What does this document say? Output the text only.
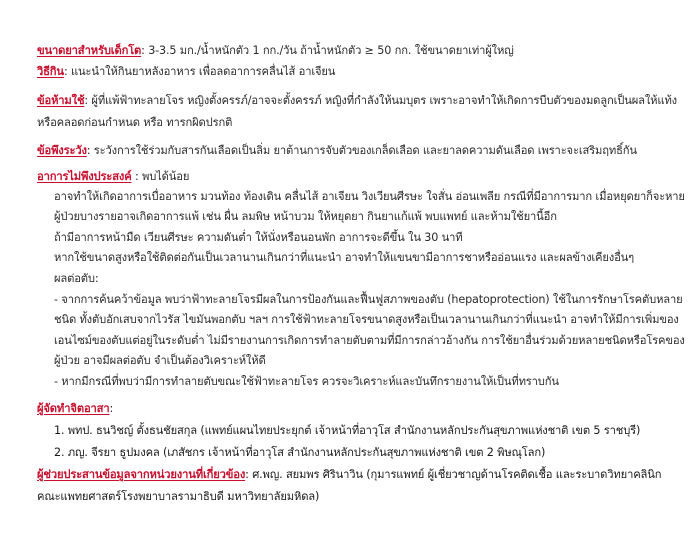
ขนาดยาสำหรับเด็กโต: 3-3.5 มก./น้ำหนักตัว 1 กก./วัน ถ้าน้ำหนักตัว ≥ 50 กก. ใช้ขนาดยาเท่าผู้ใหญ่
วิธีกิน: แนะนำให้กินยาหลังอาหาร เพื่อลดอาการคลื่นไส้ อาเจียน
ข้อห้ามใช้: ผู้ที่แพ้ฟ้าทะลายโจร หญิงตั้งครรภ์/อาจจะตั้งครรภ์ หญิงที่กำลังให้นมบุตร เพราะอาจทำให้เกิดการบีบตัวของมดลูกเป็นผลให้แท้ง
หรือคลอดก่อนกำหนด หรือ ทารกผิดปรกติ
ข้อพึงระวัง: ระวังการใช้ร่วมกับสารกันเลือดเป็นลิ่ม ยาต้านการจับตัวของเกล็ดเลือด และยาลดความดันเลือด เพราะจะเสริมฤทธิ์กัน
อาการไม่พึงประสงค์ : พบได้น้อย
อาจทำให้เกิดอาการเบื่ออาหาร มวนท้อง ท้องเดิน คลื่นไส้ อาเจียน วิงเวียนศีรษะ ใจสั่น อ่อนเพลีย กรณีที่มีอาการมาก เมื่อหยุดยาก็จะหาย
ผู้ป่วยบางรายอาจเกิดอาการแพ้ เช่น ผื่น ลมพิษ หน้าบวม ให้หยุดยา กินยาแก้แพ้ พบแพทย์ และห้ามใช้ยานี้อีก
ถ้ามีอาการหน้ามืด เวียนศีรษะ ความดันต่ำ ให้นั่งหรือนอนพัก อาการจะดีขึ้น ใน 30 นาที
หากใช้ขนาดสูงหรือใช้ติดต่อกันเป็นเวลานานเกินกว่าที่แนะนำ อาจทำให้แขนขามีอาการชาหรืออ่อนแรง และผลข้างเคียงอื่นๆ
ผลต่อตับ:
- จากการค้นคว้าข้อมูล พบว่าฟ้าทะลายโจรมีผลในการป้องกันและฟื้นฟูสภาพของตับ (hepatoprotection) ใช้ในการรักษาโรคตับหลาย
ชนิด ทั้งตับอักเสบจากไวรัส ไขมันพอกตับ ฯลฯ การใช้ฟ้าทะลายโจรขนาดสูงหรือเป็นเวลานานเกินกว่าที่แนะนำ อาจทำให้มีการเพิ่มของ
เอนไซม์ของตับแต่อยู่ในระดับต่ำ ไม่มีรายงานการเกิดการทำลายตับตามที่มีการกล่าวอ้างกัน การใช้ยาอื่นร่วมด้วยหลายชนิดหรือโรคของ
ผู้ป่วย อาจมีผลต่อตับ จำเป็นต้องวิเคราะห์ให้ดี
- หากมีกรณีที่พบว่ามีการทำลายตับขณะใช้ฟ้าทะลายโจร ควรจะวิเคราะห์และบันทึกรายงานให้เป็นที่ทราบกัน
ผู้จัดทำจิตอาสา:
1. พทป. ธนวิชญ์ ตั้งธนชัยสกุล (แพทย์แผนไทยประยุกต์ เจ้าหน้าที่อาวุโส สำนักงานหลักประกันสุขภาพแห่งชาติ เขต 5 ราชบุรี)
2. ภญ. จีรยา ธูปมงคล (เภสัชกร เจ้าหน้าที่อาวุโส สำนักงานหลักประกันสุขภาพแห่งชาติ เขต 2 พิษณุโลก)
ผู้ช่วยประสานข้อมูลจากหน่วยงานที่เกี่ยวข้อง: ศ.พญ. สยมพร ศิรินาวิน (กุมารแพทย์ ผู้เชี่ยวชาญด้านโรคติดเชื้อ และระบาดวิทยาคลินิก
คณะแพทยศาสตร์โรงพยาบาลรามาธิบดี มหาวิทยาลัยมหิดล)
